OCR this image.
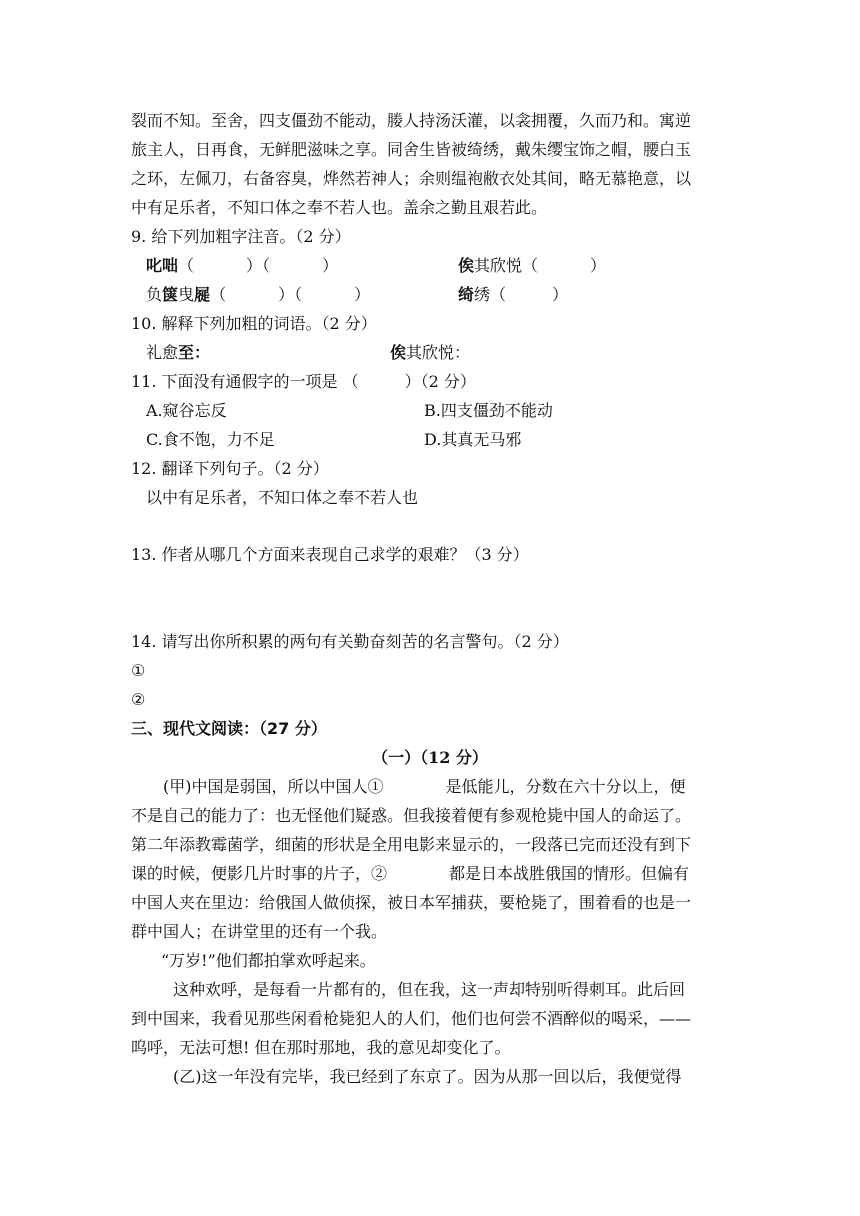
裂而不知。至舍，四支僵劲不能动，媵人持汤沃灌，以衾拥覆，久而乃和。寓逆
旅主人，日再食，无鲜肥滋味之享。同舍生皆被绮绣，戴朱缨宝饰之帽，腰白玉
之环，左佩刀，右备容臭，烨然若神人；余则缊袍敝衣处其间，略无慕艳意，以
中有足乐者，不知口体之奉不若人也。盖余之勤且艰若此。
9. 给下列加粗字注音。（2 分）
叱咄（	）（	）	俟其欣悦（	）
负箧曳屣（	）（	）	绮绣（	）
10. 解释下列加粗的词语。（2 分）
礼愈至：	俟其欣悦：
11. 下面没有通假字的一项是 （	）（2 分）
A.窥谷忘反	B.四支僵劲不能动
C.食不饱，力不足	D.其真无马邪
12. 翻译下列句子。（2 分）
以中有足乐者，不知口体之奉不若人也
13. 作者从哪几个方面来表现自己求学的艰难？（3 分）
14. 请写出你所积累的两句有关勤奋刻苦的名言警句。（2 分）
①
②
三、现代文阅读：（27 分）
（一）（12 分）
(甲)中国是弱国，所以中国人①	是低能儿，分数在六十分以上，便
不是自己的能力了：也无怪他们疑惑。但我接着便有参观枪毙中国人的命运了。
第二年添教霉菌学，细菌的形状是全用电影来显示的，一段落已完而还没有到下
课的时候，便影几片时事的片子，②	都是日本战胜俄国的情形。但偏有
中国人夹在里边：给俄国人做侦探，被日本军捕获，要枪毙了，围着看的也是一
群中国人；在讲堂里的还有一个我。
“万岁!”他们都拍掌欢呼起来。
这种欢呼，是每看一片都有的，但在我，这一声却特别听得刺耳。此后回
到中国来，我看见那些闲看枪毙犯人的人们，他们也何尝不酒醉似的喝采，——
呜呼，无法可想! 但在那时那地，我的意见却变化了。
(乙)这一年没有完毕，我已经到了东京了。因为从那一回以后，我便觉得
